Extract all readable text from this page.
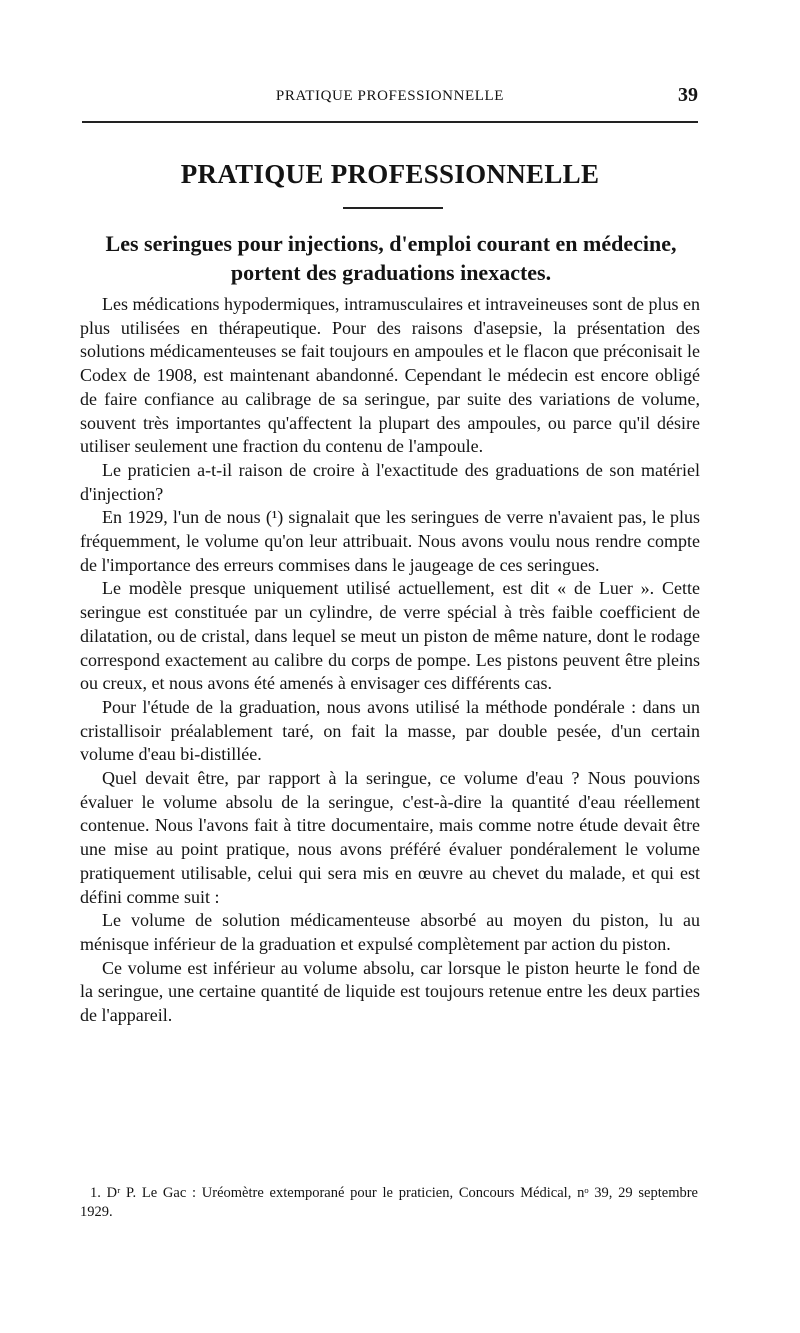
PRATIQUE PROFESSIONNELLE	39
PRATIQUE PROFESSIONNELLE
Les seringues pour injections, d'emploi courant en médecine, portent des graduations inexactes.

Les médications hypodermiques, intramusculaires et intraveineuses sont de plus en plus utilisées en thérapeutique. Pour des raisons d'asepsie, la présentation des solutions médicamenteuses se fait toujours en ampoules et le flacon que préconisait le Codex de 1908, est maintenant abandonné. Cependant le médecin est encore obligé de faire confiance au calibrage de sa seringue, par suite des variations de volume, souvent très importantes qu'affectent la plupart des ampoules, ou parce qu'il désire utiliser seulement une fraction du contenu de l'ampoule.

Le praticien a-t-il raison de croire à l'exactitude des graduations de son matériel d'injection?

En 1929, l'un de nous (¹) signalait que les seringues de verre n'avaient pas, le plus fréquemment, le volume qu'on leur attribuait. Nous avons voulu nous rendre compte de l'importance des erreurs commises dans le jaugeage de ces seringues.

Le modèle presque uniquement utilisé actuellement, est dit « de Luer ». Cette seringue est constituée par un cylindre, de verre spécial à très faible coefficient de dilatation, ou de cristal, dans lequel se meut un piston de même nature, dont le rodage correspond exactement au calibre du corps de pompe. Les pistons peuvent être pleins ou creux, et nous avons été amenés à envisager ces différents cas.

Pour l'étude de la graduation, nous avons utilisé la méthode pondérale : dans un cristallisoir préalablement taré, on fait la masse, par double pesée, d'un certain volume d'eau bi-distillée.

Quel devait être, par rapport à la seringue, ce volume d'eau ? Nous pouvions évaluer le volume absolu de la seringue, c'est-à-dire la quantité d'eau réellement contenue. Nous l'avons fait à titre documentaire, mais comme notre étude devait être une mise au point pratique, nous avons préféré évaluer pondéralement le volume pratiquement utilisable, celui qui sera mis en œuvre au chevet du malade, et qui est défini comme suit :

Le volume de solution médicamenteuse absorbé au moyen du piston, lu au ménisque inférieur de la graduation et expulsé complètement par action du piston.

Ce volume est inférieur au volume absolu, car lorsque le piston heurte le fond de la seringue, une certaine quantité de liquide est toujours retenue entre les deux parties de l'appareil.

1. Dʳ P. Le Gac : Uréomètre extemporané pour le praticien, Concours Médical, nᵒ 39, 29 septembre 1929.
